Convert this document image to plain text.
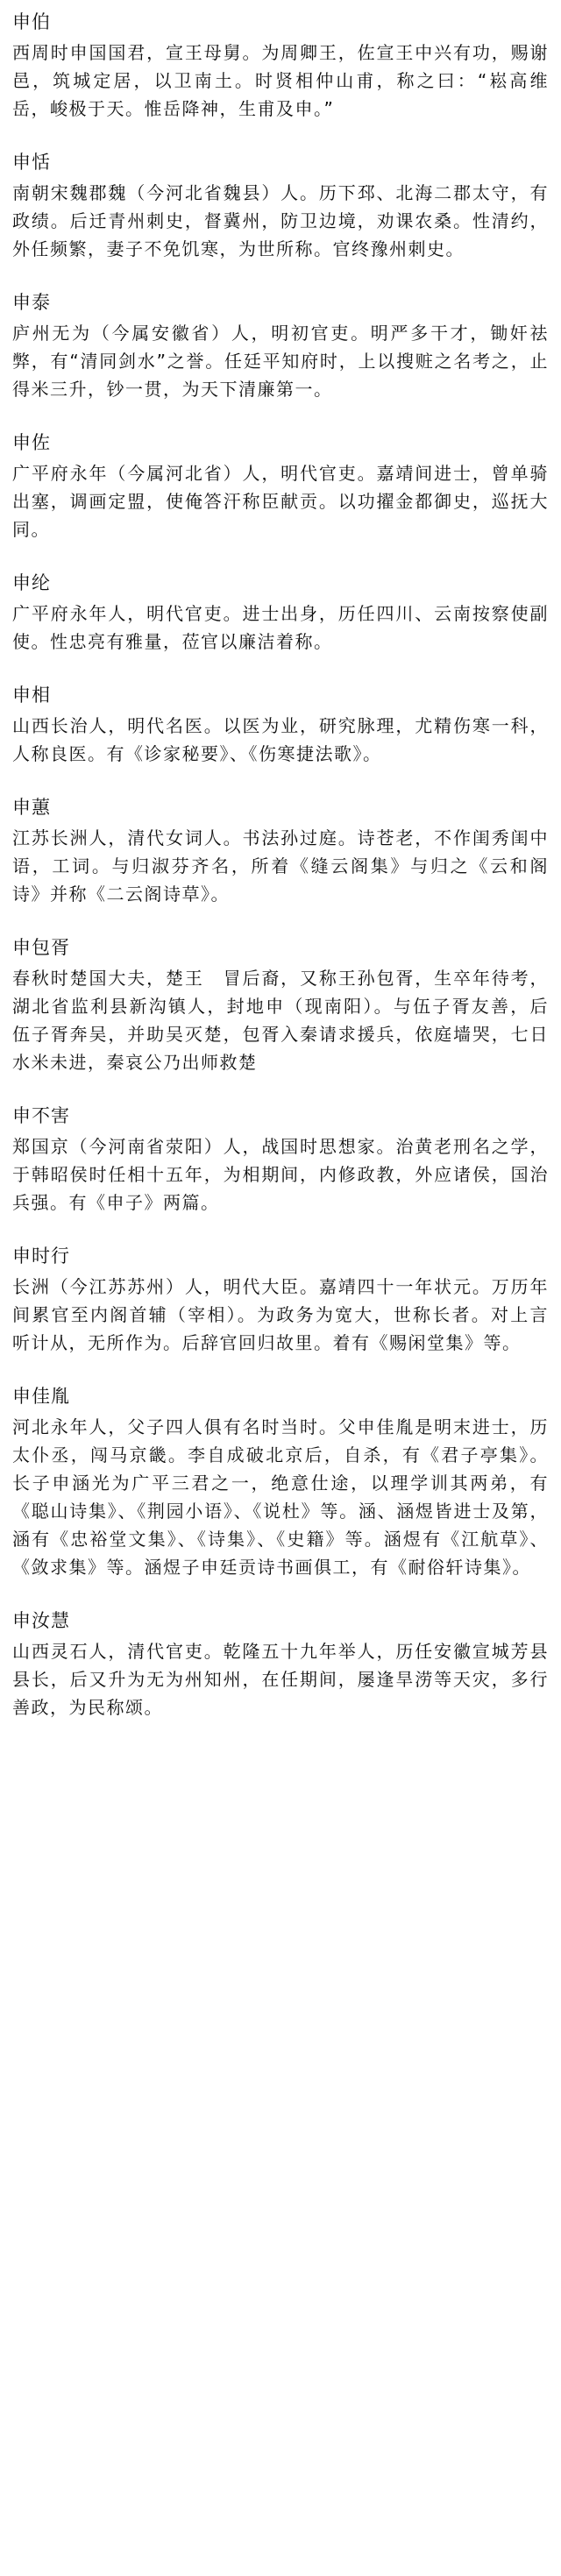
申伯

西周时申国国君，宣王母舅。为周卿王，佐宣王中兴有功，赐谢邑，筑城定居，以卫南土。时贤相仲山甫，称之曰：“崧高维岳，峻极于天。惟岳降神，生甫及申。”

申恬

南朝宋魏郡魏（今河北省魏县）人。历下邳、北海二郡太守，有政绩。后迁青州刺史，督冀州，防卫边境，劝课农桑。性清约，外任频繁，妻子不免饥寒，为世所称。官终豫州刺史。

申泰

庐州无为（今属安徽省）人，明初官吏。明严多干才，锄奸祛弊，有“清同剑水”之誉。任廷平知府时，上以搜赃之名考之，止得米三升，钞一贯，为天下清廉第一。

申佐

广平府永年（今属河北省）人，明代官吏。嘉靖间进士，曾单骑出塞，调画定盟，使俺答汗称臣献贡。以功擢金都御史，巡抚大同。

申纶

广平府永年人，明代官吏。进士出身，历任四川、云南按察使副使。性忠亮有雅量，莅官以廉洁着称。

申相

山西长治人，明代名医。以医为业，研究脉理，尤精伤寒一科，人称良医。有《诊家秘要》、《伤寒捷法歌》。

申蕙

江苏长洲人，清代女词人。书法孙过庭。诗苍老，不作闺秀闺中语，工词。与归淑芬齐名，所着《缝云阁集》与归之《云和阁诗》并称《二云阁诗草》。

申包胥

春秋时楚国大夫，楚王　冒后裔，又称王孙包胥，生卒年待考，湖北省监利县新沟镇人，封地申（现南阳）。与伍子胥友善，后伍子胥奔吴，并助吴灭楚，包胥入秦请求援兵，依庭墙哭，七日水米未进，秦哀公乃出师救楚

申不害

郑国京（今河南省荥阳）人，战国时思想家。治黄老刑名之学，于韩昭侯时任相十五年，为相期间，内修政教，外应诸侯，国治兵强。有《申子》两篇。

申时行

长洲（今江苏苏州）人，明代大臣。嘉靖四十一年状元。万历年间累官至内阁首辅（宰相）。为政务为宽大，世称长者。对上言听计从，无所作为。后辞官回归故里。着有《赐闲堂集》等。

申佳胤

河北永年人，父子四人俱有名时当时。父申佳胤是明末进士，历太仆丞，闯马京畿。李自成破北京后，自杀，有《君子亭集》。长子申涵光为广平三君之一，绝意仕途，以理学训其两弟，有《聪山诗集》、《荆园小语》、《说杜》等。涵、涵煜皆进士及第，涵有《忠裕堂文集》、《诗集》、《史籍》等。涵煜有《江航草》、《敛求集》等。涵煜子申廷贡诗书画俱工，有《耐俗轩诗集》。

申汝慧

山西灵石人，清代官吏。乾隆五十九年举人，历任安徽宣城芳县县长，后又升为无为州知州，在任期间，屡逢旱涝等天灾，多行善政，为民称颂。
